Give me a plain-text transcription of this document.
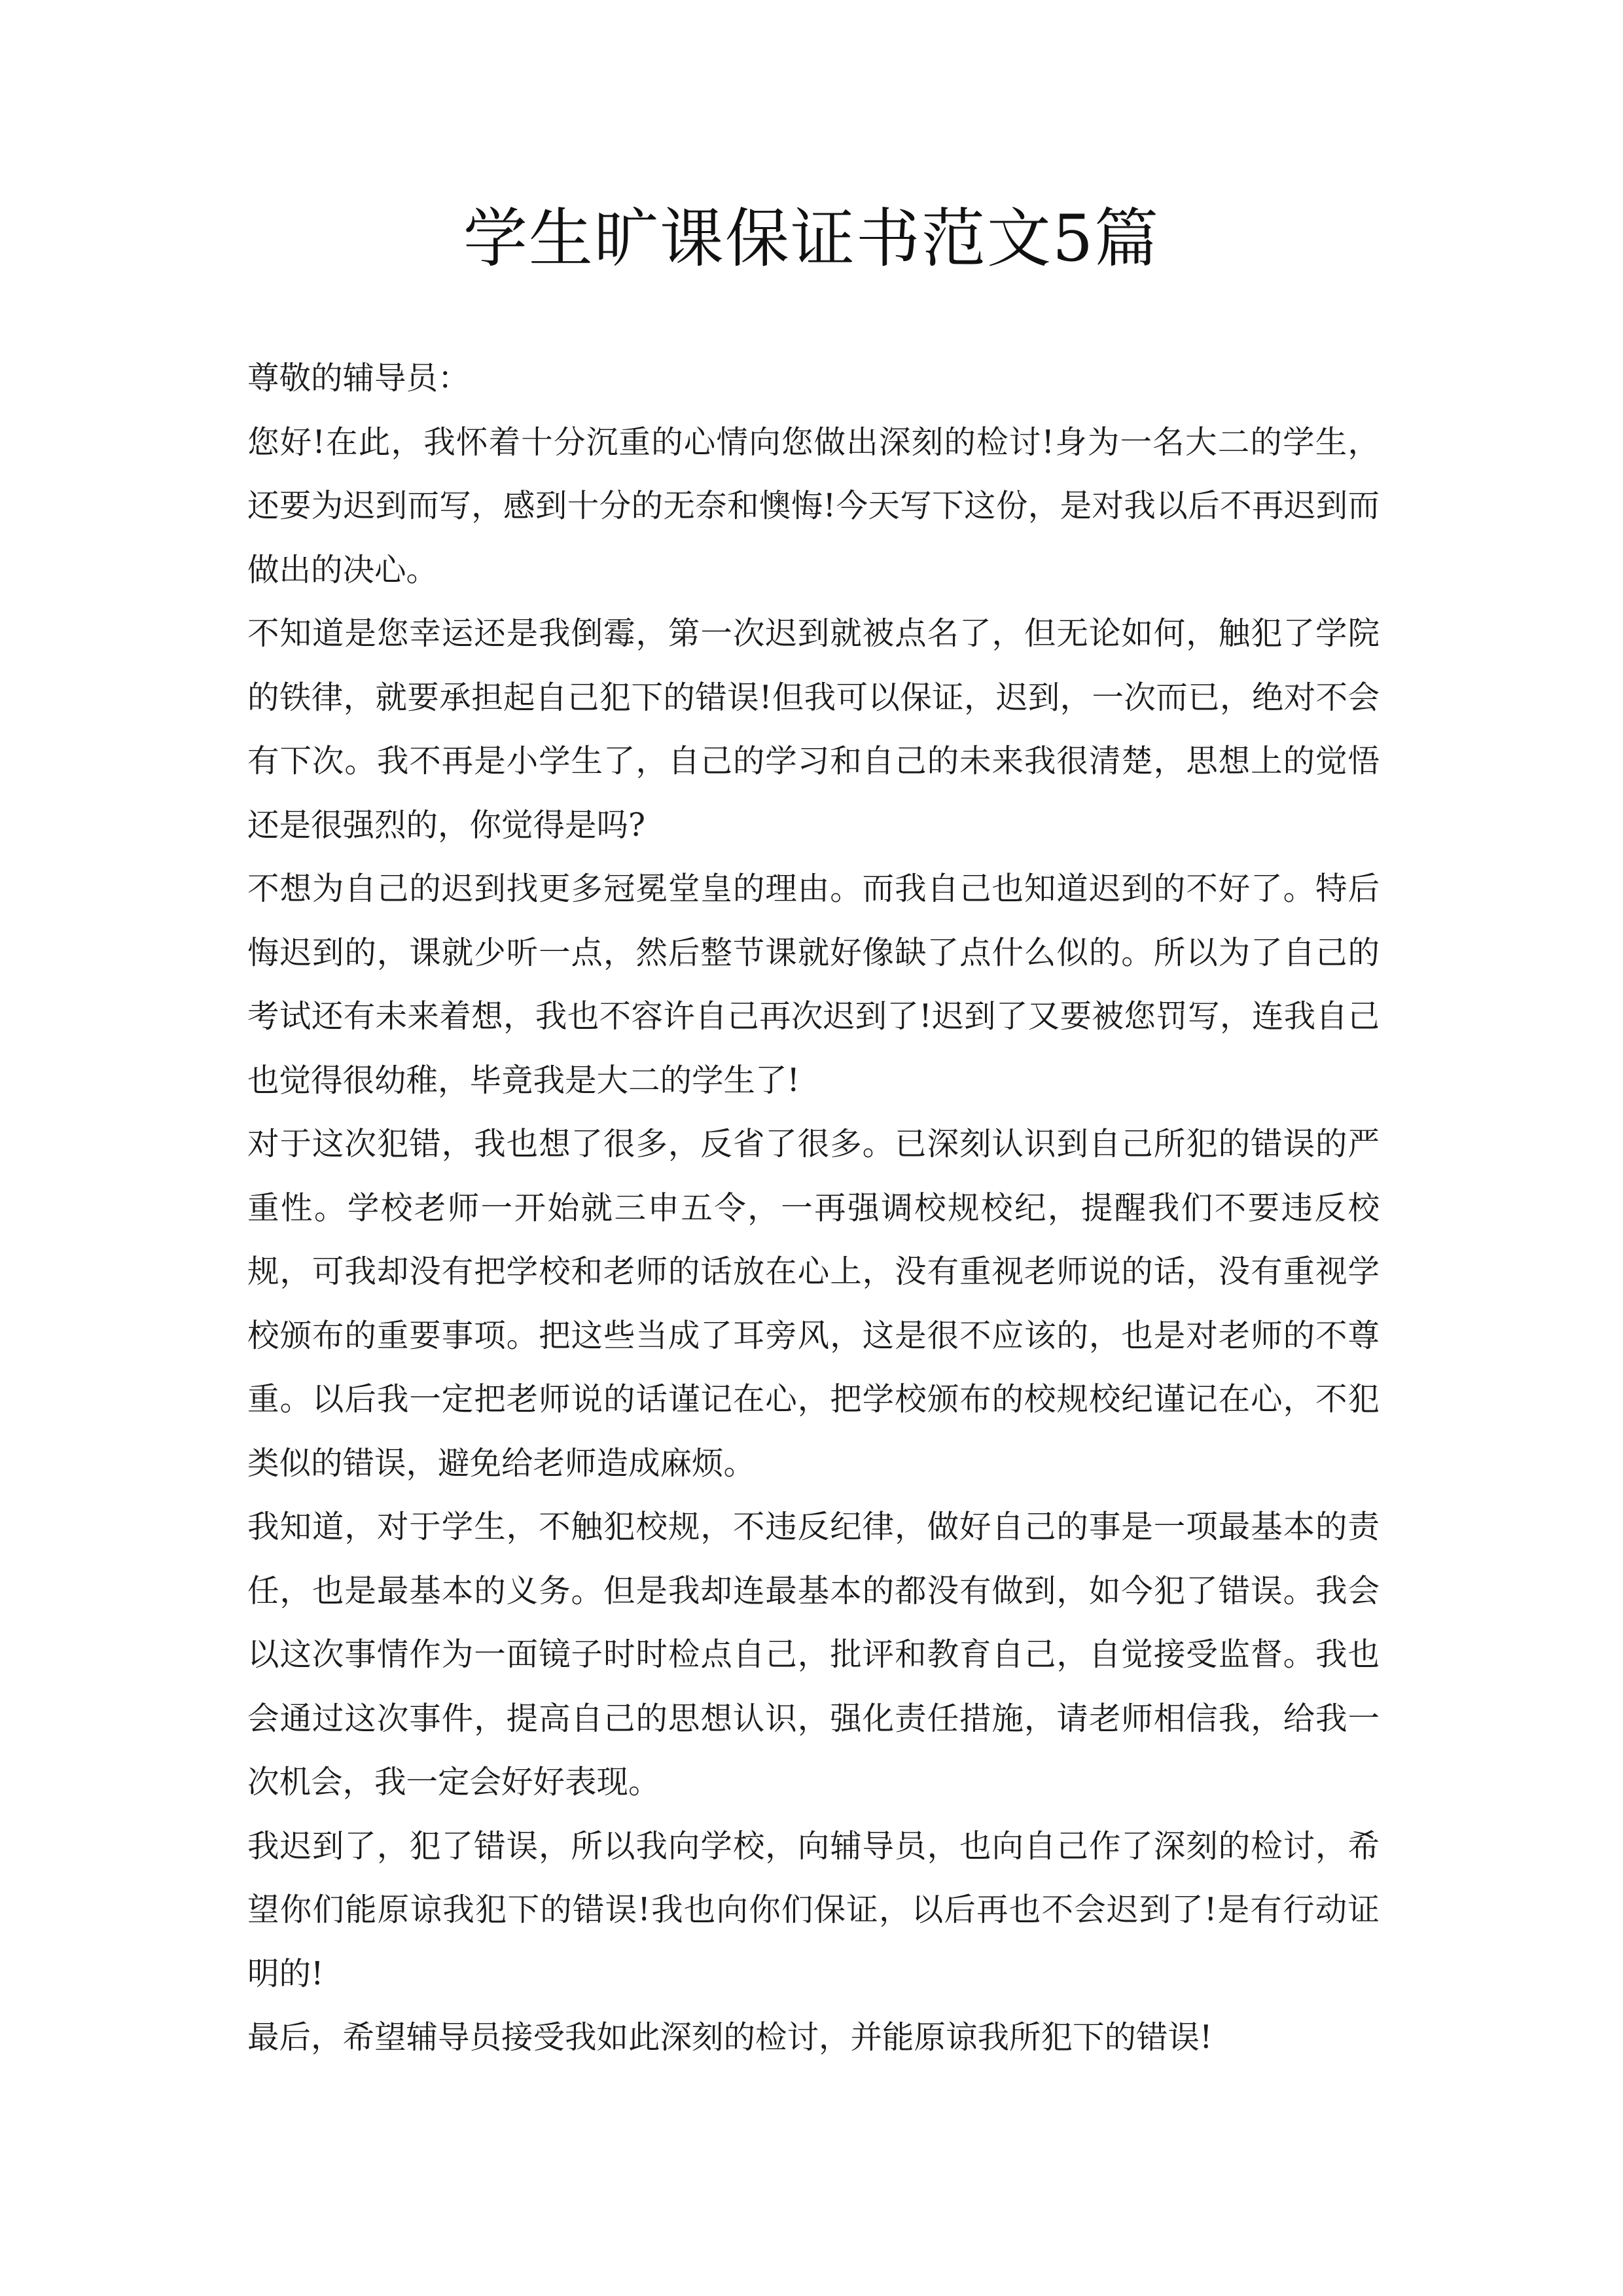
学生旷课保证书范文5篇

尊敬的辅导员：

您好!在此，我怀着十分沉重的心情向您做出深刻的检讨!身为一名大二的学生，还要为迟到而写，感到十分的无奈和懊悔!今天写下这份，是对我以后不再迟到而做出的决心。

不知道是您幸运还是我倒霉，第一次迟到就被点名了，但无论如何，触犯了学院的铁律，就要承担起自己犯下的错误!但我可以保证，迟到，一次而已，绝对不会有下次。我不再是小学生了，自己的学习和自己的未来我很清楚，思想上的觉悟还是很强烈的，你觉得是吗?

不想为自己的迟到找更多冠冕堂皇的理由。而我自己也知道迟到的不好了。特后悔迟到的，课就少听一点，然后整节课就好像缺了点什么似的。所以为了自己的考试还有未来着想，我也不容许自己再次迟到了!迟到了又要被您罚写，连我自己也觉得很幼稚，毕竟我是大二的学生了!

对于这次犯错，我也想了很多，反省了很多。已深刻认识到自己所犯的错误的严重性。学校老师一开始就三申五令，一再强调校规校纪，提醒我们不要违反校规，可我却没有把学校和老师的话放在心上，没有重视老师说的话，没有重视学校颁布的重要事项。把这些当成了耳旁风，这是很不应该的，也是对老师的不尊重。以后我一定把老师说的话谨记在心，把学校颁布的校规校纪谨记在心，不犯类似的错误，避免给老师造成麻烦。

我知道，对于学生，不触犯校规，不违反纪律，做好自己的事是一项最基本的责任，也是最基本的义务。但是我却连最基本的都没有做到，如今犯了错误。我会以这次事情作为一面镜子时时检点自己，批评和教育自己，自觉接受监督。我也会通过这次事件，提高自己的思想认识，强化责任措施，请老师相信我，给我一次机会，我一定会好好表现。

我迟到了，犯了错误，所以我向学校，向辅导员，也向自己作了深刻的检讨，希望你们能原谅我犯下的错误!我也向你们保证，以后再也不会迟到了!是有行动证明的!

最后，希望辅导员接受我如此深刻的检讨，并能原谅我所犯下的错误!
